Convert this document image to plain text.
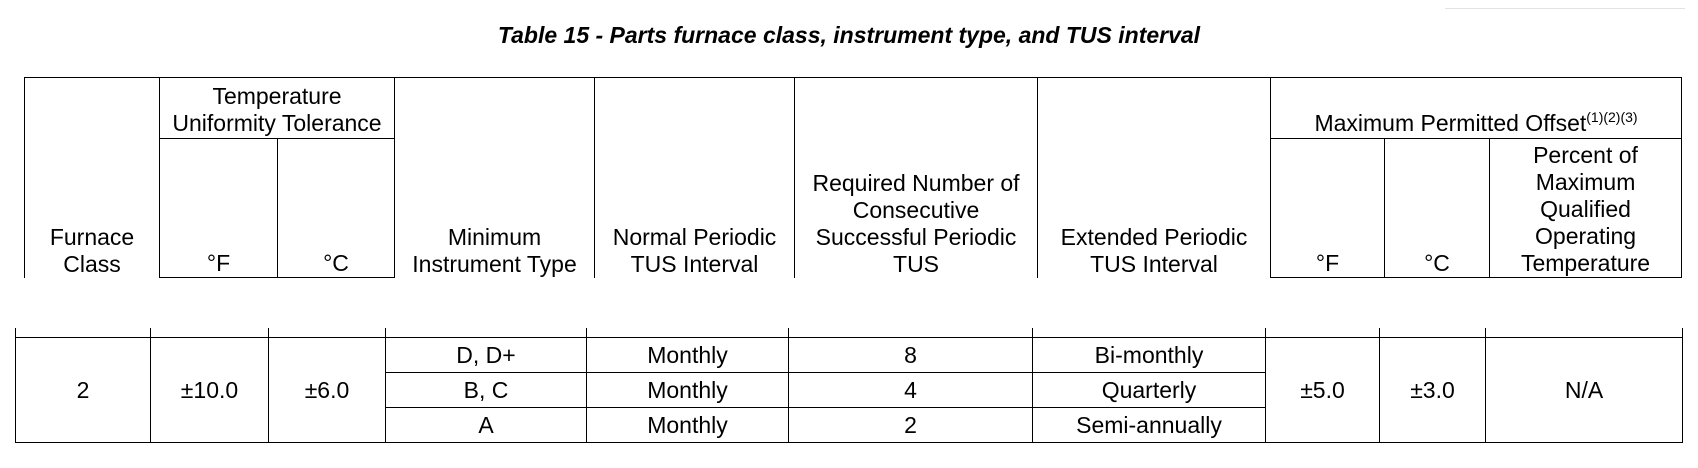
Table 15 - Parts furnace class, instrument type, and TUS interval
Furnace Class	Temperature Uniformity Tolerance		Minimum Instrument Type	Normal Periodic TUS Interval	Required Number of Consecutive Successful Periodic TUS	Extended Periodic TUS Interval	Maximum Permitted Offset$^{(1)(2)(3)}$
	°F	°C					°F	°C	Percent of Maximum Qualified Operating Temperature

2	±10.0	±6.0	D, D+	Monthly	8	Bi-monthly	±5.0	±3.0	N/A
			B, C	Monthly	4	Quarterly			
			A	Monthly	2	Semi-annually			
